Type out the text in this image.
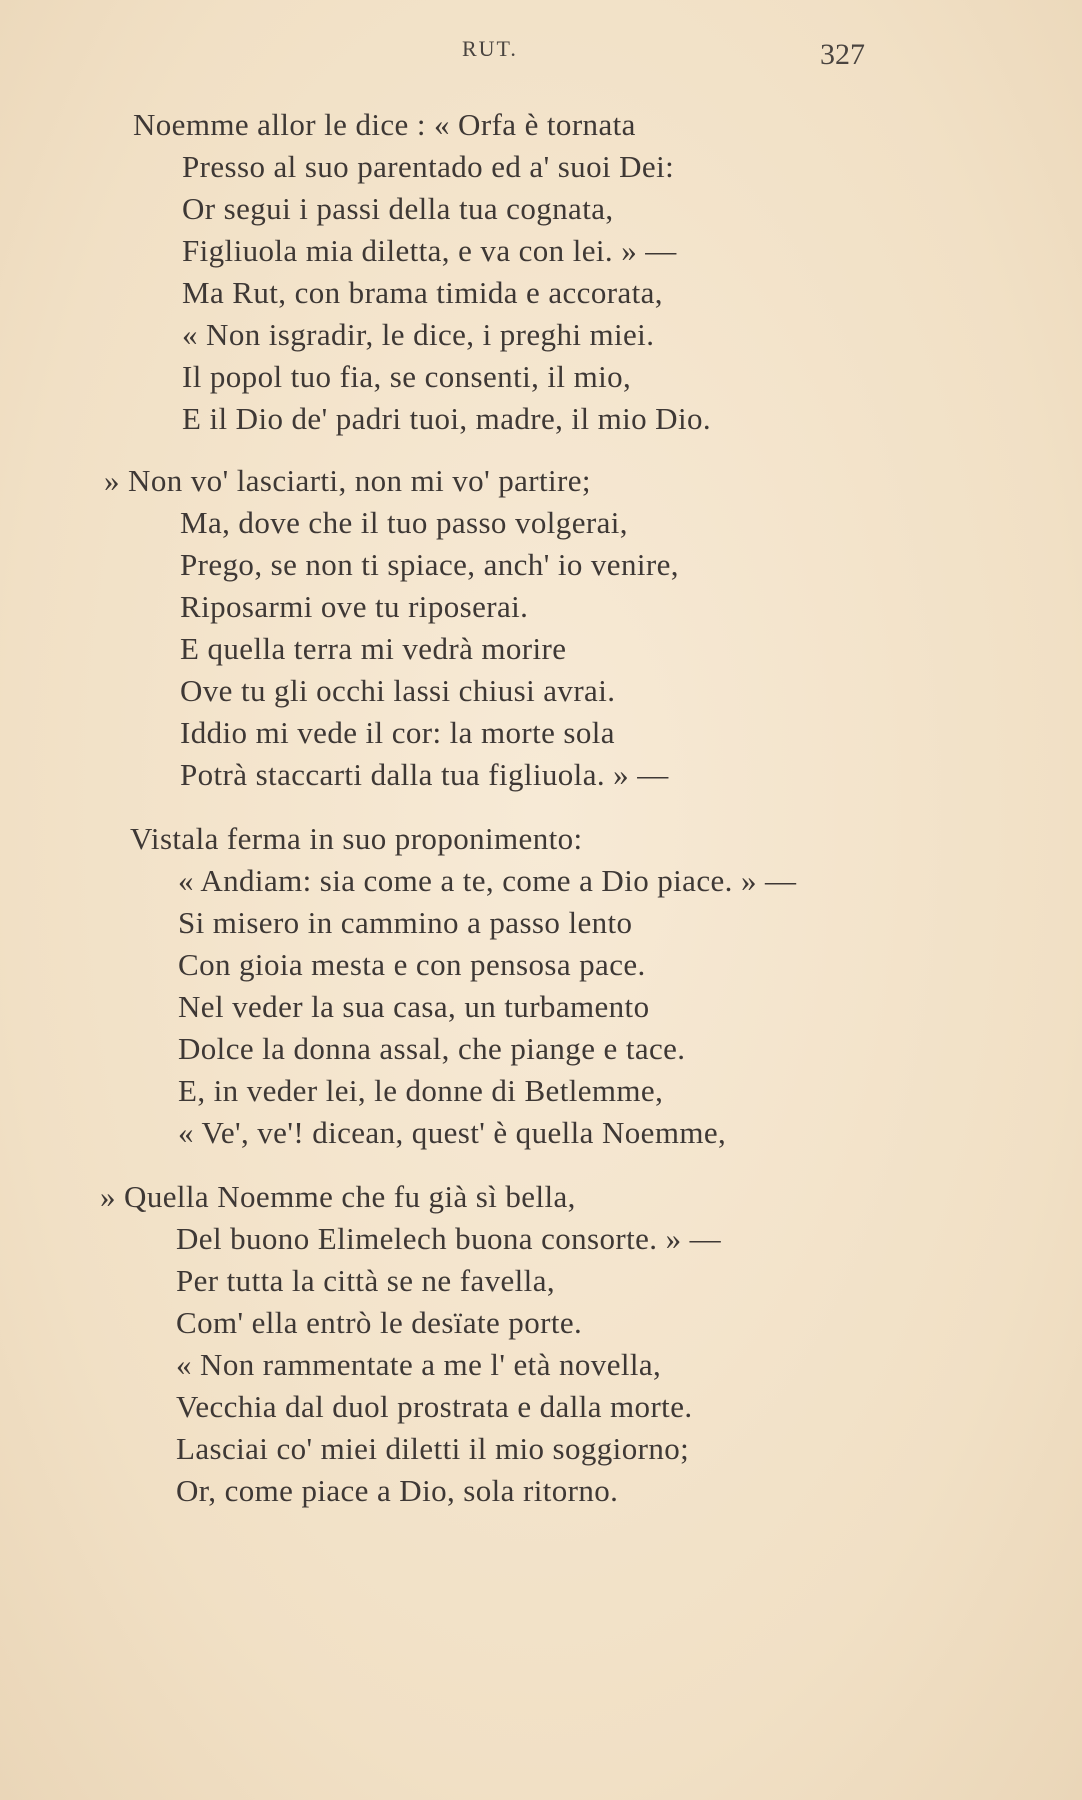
RUT.	327
Noemme allor le dice : « Orfa è tornata
Presso al suo parentado ed a' suoi Dei:
Or segui i passi della tua cognata,
Figliuola mia diletta, e va con lei. » —
Ma Rut, con brama timida e accorata,
« Non isgradir, le dice, i preghi miei.
Il popol tuo fia, se consenti, il mio,
E il Dio de' padri tuoi, madre, il mio Dio.
» Non vo' lasciarti, non mi vo' partire;
Ma, dove che il tuo passo volgerai,
Prego, se non ti spiace, anch' io venire,
Riposarmi ove tu riposerai.
E quella terra mi vedrà morire
Ove tu gli occhi lassi chiusi avrai.
Iddio mi vede il cor: la morte sola
Potrà staccarti dalla tua figliuola. » —
Vistala ferma in suo proponimento:
« Andiam: sia come a te, come a Dio piace. » —
Si misero in cammino a passo lento
Con gioia mesta e con pensosa pace.
Nel veder la sua casa, un turbamento
Dolce la donna assal, che piange e tace.
E, in veder lei, le donne di Betlemme,
« Ve', ve'! dicean, quest' è quella Noemme,
» Quella Noemme che fu già sì bella,
Del buono Elimelech buona consorte. » —
Per tutta la città se ne favella,
Com' ella entrò le desïate porte.
« Non rammentate a me l' età novella,
Vecchia dal duol prostrata e dalla morte.
Lasciai co' miei diletti il mio soggiorno;
Or, come piace a Dio, sola ritorno.
